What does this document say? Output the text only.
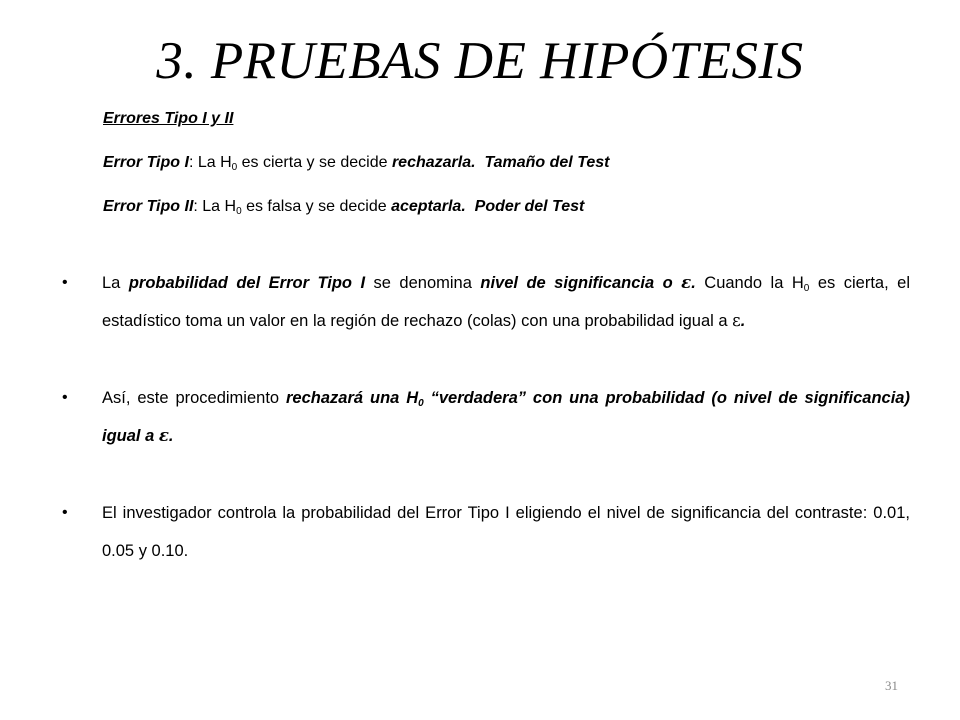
3. PRUEBAS DE HIPÓTESIS

Errores Tipo I y II

Error Tipo I: La $H_0$ es cierta y se decide rechazarla. Tamaño del Test

Error Tipo II: La $H_0$ es falsa y se decide aceptarla. Poder del Test

• La probabilidad del Error Tipo I se denomina nivel de significancia o ε. Cuando la $H_0$ es cierta, el estadístico toma un valor en la región de rechazo (colas) con una probabilidad igual a ε.
• Así, este procedimiento rechazará una $H_0$ “verdadera” con una probabilidad (o nivel de significancia) igual a ε.
• El investigador controla la probabilidad del Error Tipo I eligiendo el nivel de significancia del contraste: 0.01, 0.05 y 0.10.
31
